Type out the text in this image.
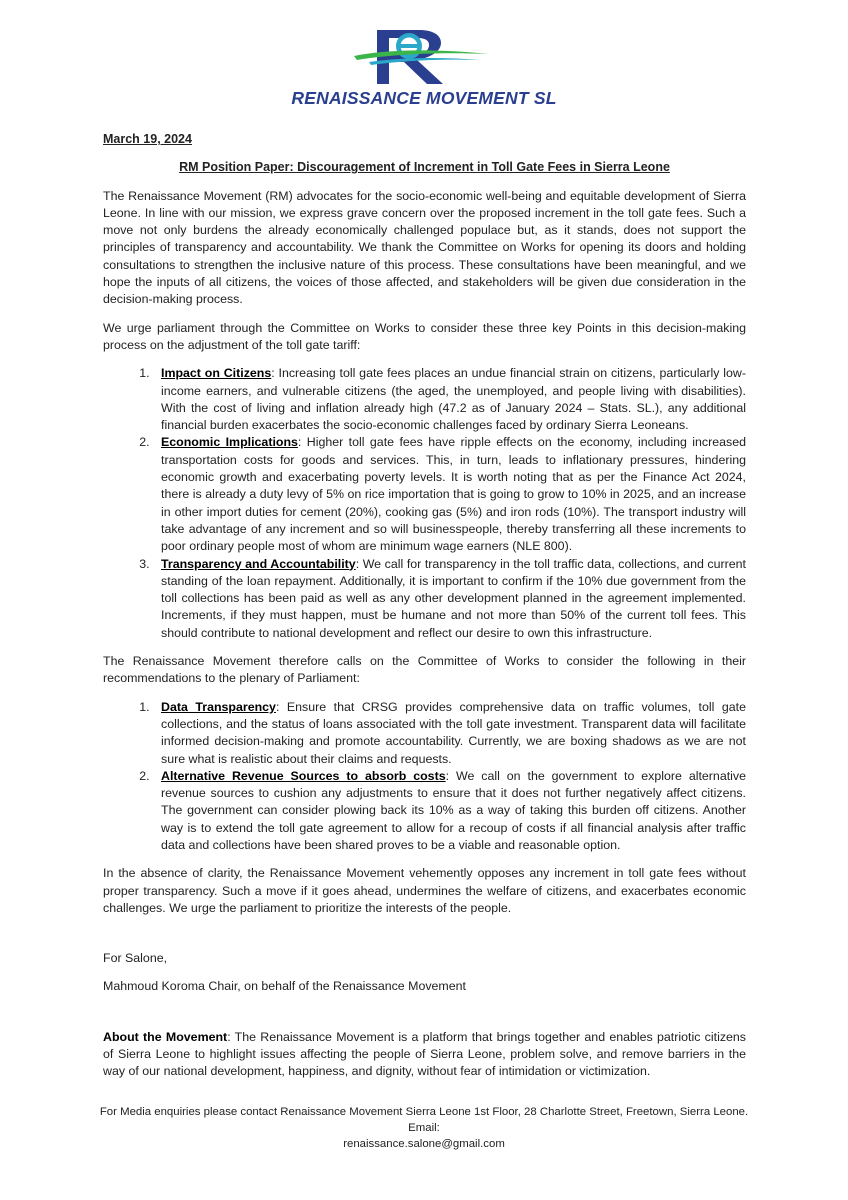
RENAISSANCE MOVEMENT SL
March 19, 2024
RM Position Paper: Discouragement of Increment in Toll Gate Fees in Sierra Leone

The Renaissance Movement (RM) advocates for the socio-economic well-being and equitable development of Sierra Leone. In line with our mission, we express grave concern over the proposed increment in the toll gate fees. Such a move not only burdens the already economically challenged populace but, as it stands, does not support the principles of transparency and accountability. We thank the Committee on Works for opening its doors and holding consultations to strengthen the inclusive nature of this process. These consultations have been meaningful, and we hope the inputs of all citizens, the voices of those affected, and stakeholders will be given due consideration in the decision-making process.

We urge parliament through the Committee on Works to consider these three key Points in this decision-making process on the adjustment of the toll gate tariff:

1. Impact on Citizens: Increasing toll gate fees places an undue financial strain on citizens, particularly low-income earners, and vulnerable citizens (the aged, the unemployed, and people living with disabilities). With the cost of living and inflation already high (47.2 as of January 2024 – Stats. SL.), any additional financial burden exacerbates the socio-economic challenges faced by ordinary Sierra Leoneans.
2. Economic Implications: Higher toll gate fees have ripple effects on the economy, including increased transportation costs for goods and services. This, in turn, leads to inflationary pressures, hindering economic growth and exacerbating poverty levels. It is worth noting that as per the Finance Act 2024, there is already a duty levy of 5% on rice importation that is going to grow to 10% in 2025, and an increase in other import duties for cement (20%), cooking gas (5%) and iron rods (10%). The transport industry will take advantage of any increment and so will businesspeople, thereby transferring all these increments to poor ordinary people most of whom are minimum wage earners (NLE 800).
3. Transparency and Accountability: We call for transparency in the toll traffic data, collections, and current standing of the loan repayment. Additionally, it is important to confirm if the 10% due government from the toll collections has been paid as well as any other development planned in the agreement implemented. Increments, if they must happen, must be humane and not more than 50% of the current toll fees. This should contribute to national development and reflect our desire to own this infrastructure.

The Renaissance Movement therefore calls on the Committee of Works to consider the following in their recommendations to the plenary of Parliament:

1. Data Transparency: Ensure that CRSG provides comprehensive data on traffic volumes, toll gate collections, and the status of loans associated with the toll gate investment. Transparent data will facilitate informed decision-making and promote accountability. Currently, we are boxing shadows as we are not sure what is realistic about their claims and requests.
2. Alternative Revenue Sources to absorb costs: We call on the government to explore alternative revenue sources to cushion any adjustments to ensure that it does not further negatively affect citizens. The government can consider plowing back its 10% as a way of taking this burden off citizens. Another way is to extend the toll gate agreement to allow for a recoup of costs if all financial analysis after traffic data and collections have been shared proves to be a viable and reasonable option.

In the absence of clarity, the Renaissance Movement vehemently opposes any increment in toll gate fees without proper transparency. Such a move if it goes ahead, undermines the welfare of citizens, and exacerbates economic challenges. We urge the parliament to prioritize the interests of the people.

For Salone,

Mahmoud Koroma Chair, on behalf of the Renaissance Movement

About the Movement: The Renaissance Movement is a platform that brings together and enables patriotic citizens of Sierra Leone to highlight issues affecting the people of Sierra Leone, problem solve, and remove barriers in the way of our national development, happiness, and dignity, without fear of intimidation or victimization.

For Media enquiries please contact Renaissance Movement Sierra Leone 1st Floor, 28 Charlotte Street, Freetown, Sierra Leone. Email:
renaissance.salone@gmail.com
